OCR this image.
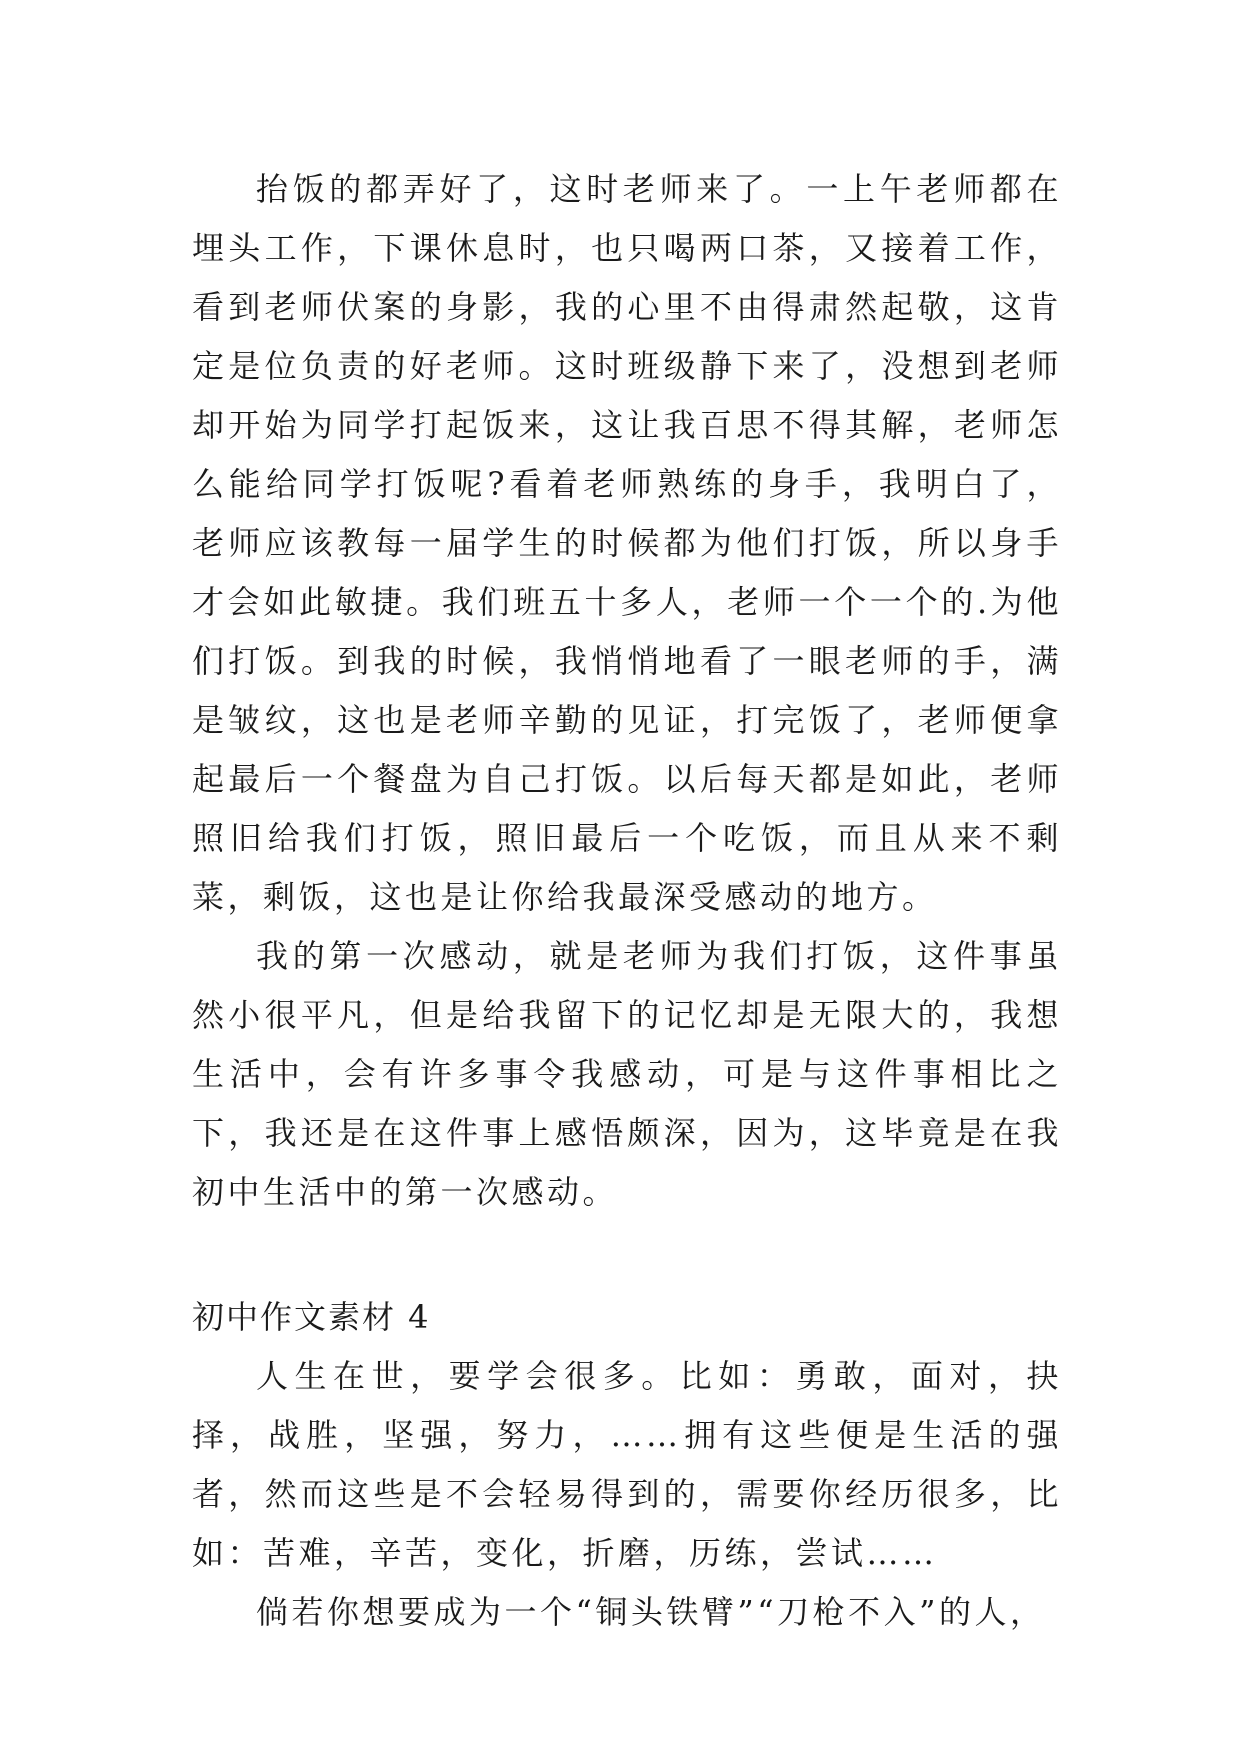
抬饭的都弄好了，这时老师来了。一上午老师都在埋头工作，下课休息时，也只喝两口茶，又接着工作，看到老师伏案的身影，我的心里不由得肃然起敬，这肯定是位负责的好老师。这时班级静下来了，没想到老师却开始为同学打起饭来，这让我百思不得其解，老师怎么能给同学打饭呢?看着老师熟练的身手，我明白了，老师应该教每一届学生的时候都为他们打饭，所以身手才会如此敏捷。我们班五十多人，老师一个一个的.为他们打饭。到我的时候，我悄悄地看了一眼老师的手，满是皱纹，这也是老师辛勤的见证，打完饭了，老师便拿起最后一个餐盘为自己打饭。以后每天都是如此，老师照旧给我们打饭，照旧最后一个吃饭，而且从来不剩菜，剩饭，这也是让你给我最深受感动的地方。

我的第一次感动，就是老师为我们打饭，这件事虽然小很平凡，但是给我留下的记忆却是无限大的，我想生活中，会有许多事令我感动，可是与这件事相比之下，我还是在这件事上感悟颇深，因为，这毕竟是在我初中生活中的第一次感动。

初中作文素材 4

人生在世，要学会很多。比如：勇敢，面对，抉择，战胜，坚强，努力，……拥有这些便是生活的强者，然而这些是不会轻易得到的，需要你经历很多，比如：苦难，辛苦，变化，折磨，历练，尝试……

倘若你想要成为一个“铜头铁臂”“刀枪不入”的人，
